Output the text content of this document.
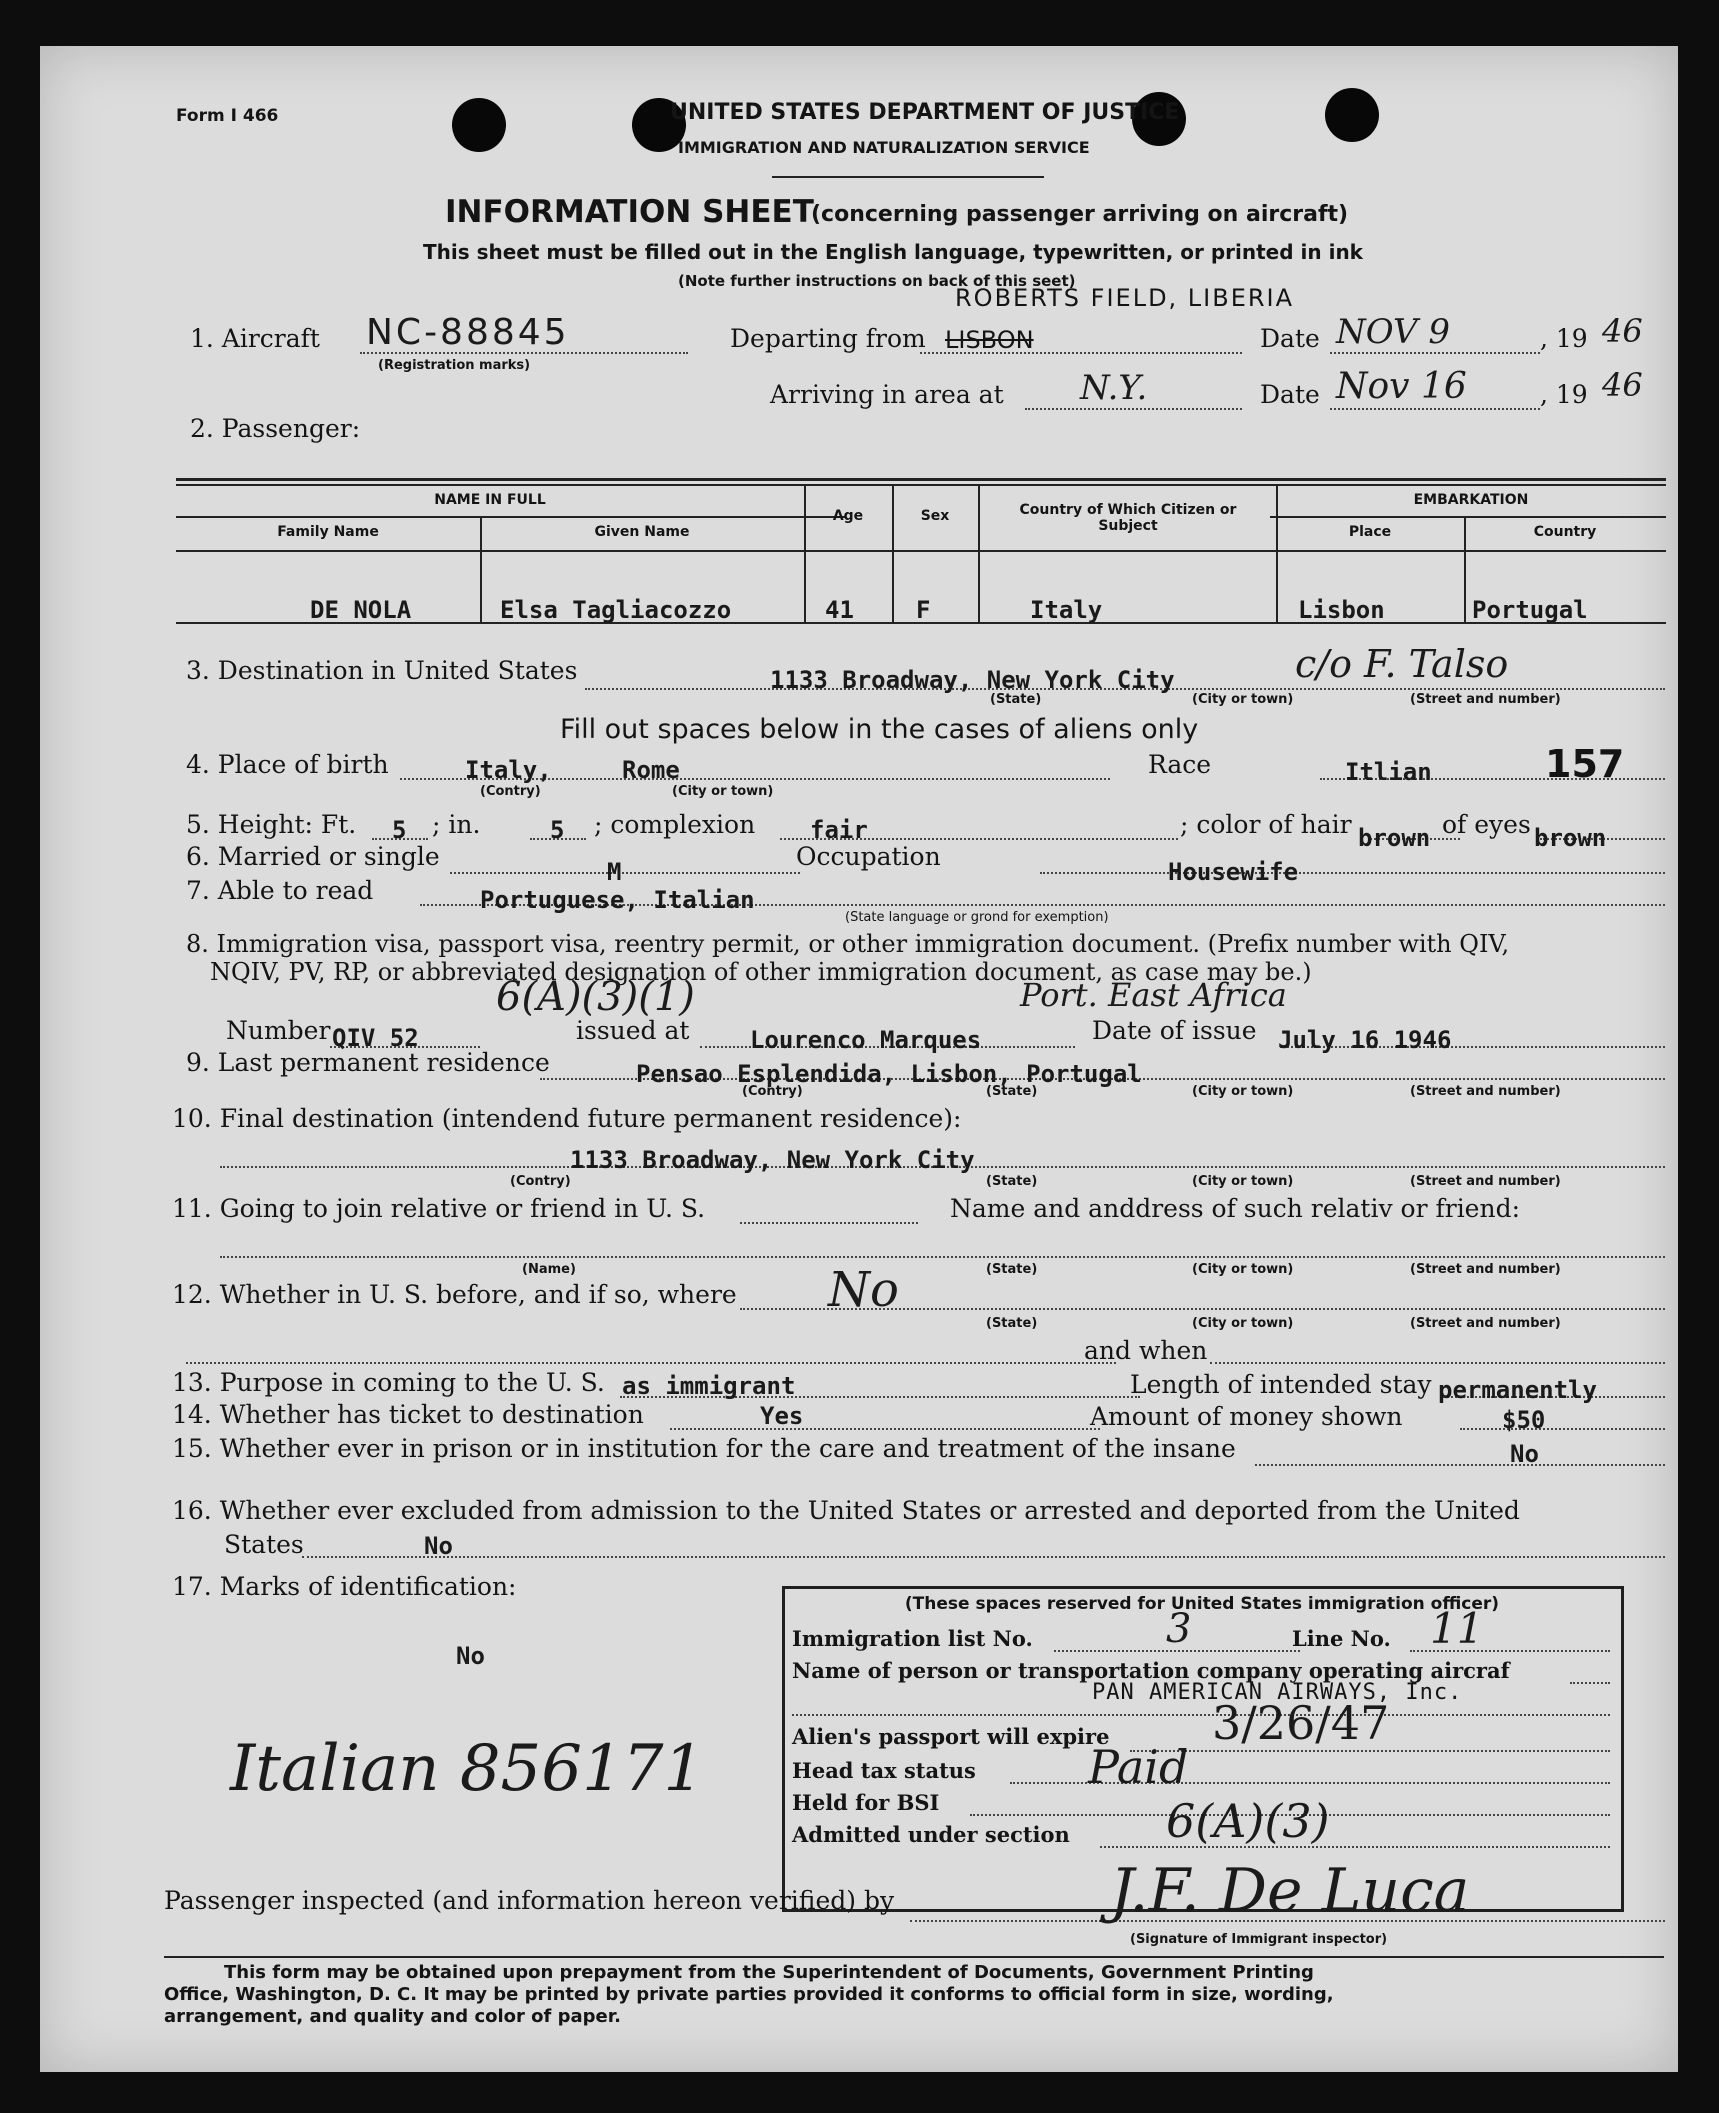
Form I 466	UNITED STATES DEPARTMENT OF JUSTICE
IMMIGRATION AND NATURALIZATION SERVICE
INFORMATION SHEET
(concerning passenger arriving on aircraft)
This sheet must be filled out in the English language, typewritten, or printed in ink
(Note further instructions on back of this seet)
1. Aircraft NC-88845
(Registration marks)
Departing from LISBON
ROBERTS FIELD, LIBERIA
Date NOV 9	, 19 46
Arriving in area at N.Y.	Date Nov 16	, 19 46
2. Passenger:
NAME IN FULL
Family Name	Given Name
Age	Sex	Country of Which Citizen or Subject
EMBARKATION
Place	Country
DE NOLA	Elsa Tagliacozzo	41	F	Italy	Lisbon	Portugal
3. Destination in United States	1133 Broadway, New York City	c/o F. Talso
(State)	(City or town)	(Street and number)
Fill out spaces below in the cases of aliens only
4. Place of birth	Italy,	Rome
(Contry)	(City or town)
Race	Itlian	157
5. Height: Ft. 5 ; in.	5 ; complexion fair	; color of hair brown of eyes brown
6. Married or single
M
Occupation
Housewife
7. Able to read	Portuguese, Italian
(State language or grond for exemption)
8. Immigration visa, passport visa, reentry permit, or other immigration document. (Prefix number with QIV,
NQIV, PV, RP, or abbreviated designation of other immigration document, as case may be.)
6(A)(3)(1)	Port. East Africa
Number QIV 52	issued at	Lourenco Marques	Date of issue July 16 1946
9. Last permanent residence	Pensao Esplendida, Lisbon, Portugal
(Contry)	(State)	(City or town)	(Street and number)
10. Final destination (intendend future permanent residence):
1133 Broadway, New York City
(Contry)	(State)	(City or town)	(Street and number)
11. Going to join relative or friend in U. S.	Name and anddress of such relativ or friend:
(Name)	(State)	(City or town)	(Street and number)
12. Whether in U. S. before, and if so, where No
(State)	(City or town)	(Street and number)
and when
13. Purpose in coming to the U. S. as immigrant	Length of intended stay permanently
14. Whether has ticket to destination	Yes	Amount of money shown	$50
15. Whether ever in prison or in institution for the care and treatment of the insane	No
16. Whether ever excluded from admission to the United States or arrested and deported from the United
States	No
17. Marks of identification:
No
Italian 856171
(These spaces reserved for United States immigration officer)
Immigration list No.	3	Line No. 11
Name of person or transportation company operating aircraf
PAN AMERICAN AIRWAYS, Inc.
Alien's passport will expire 3/26/47
Head tax status Paid
Held for BSI
Admitted under section 6(A)(3)
Passenger inspected (and information hereon verified) by	J.F. De Luca
(Signature of Immigrant inspector)
This form may be obtained upon prepayment from the Superintendent of Documents, Government Printing
Office, Washington, D. C. It may be printed by private parties provided it conforms to official form in size, wording,
arrangement, and quality and color of paper.
